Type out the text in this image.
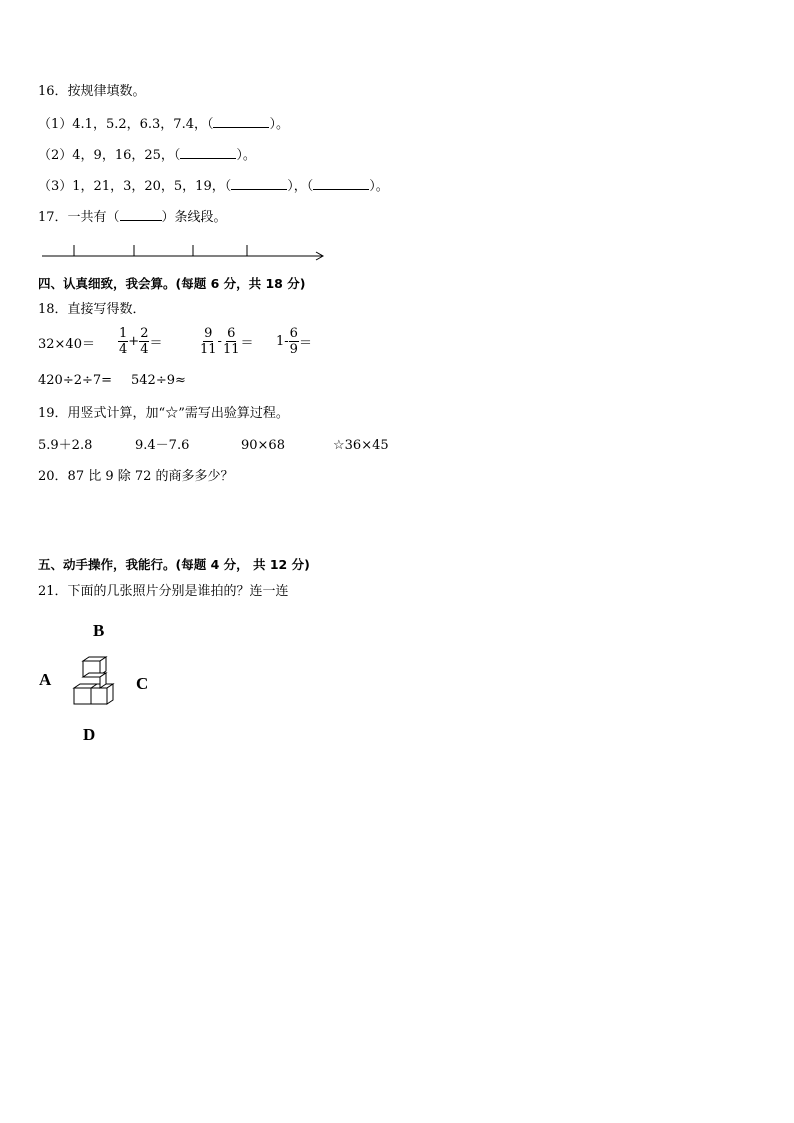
16．按规律填数。
（1）4.1，5.2，6.3，7.4，（	）。
（2）4，9，16，25，（	）。
（3）1，21，3，20，5，19，（	），（	）。
17．一共有（	）条线段。
四、认真细致，我会算。(每题 6 分，共 18 分)
18．直接写得数．
$32\times 40= \frac{1}{4} + \frac{2}{4}$ ＝	$\frac{9}{11} - \frac{6}{11} = 1- \frac{6}{9}$ ＝
420÷2÷7= 542÷9≈
19．用竖式计算，加“☆”需写出验算过程。
5.9＋2.8	9.4－7.6	90×68	☆36×45
20．87 比 9 除 72 的商多多少？
五、动手操作，我能行。(每题 4 分， 共 12 分)
21．下面的几张照片分别是谁拍的？连一连
B
A	C
D
